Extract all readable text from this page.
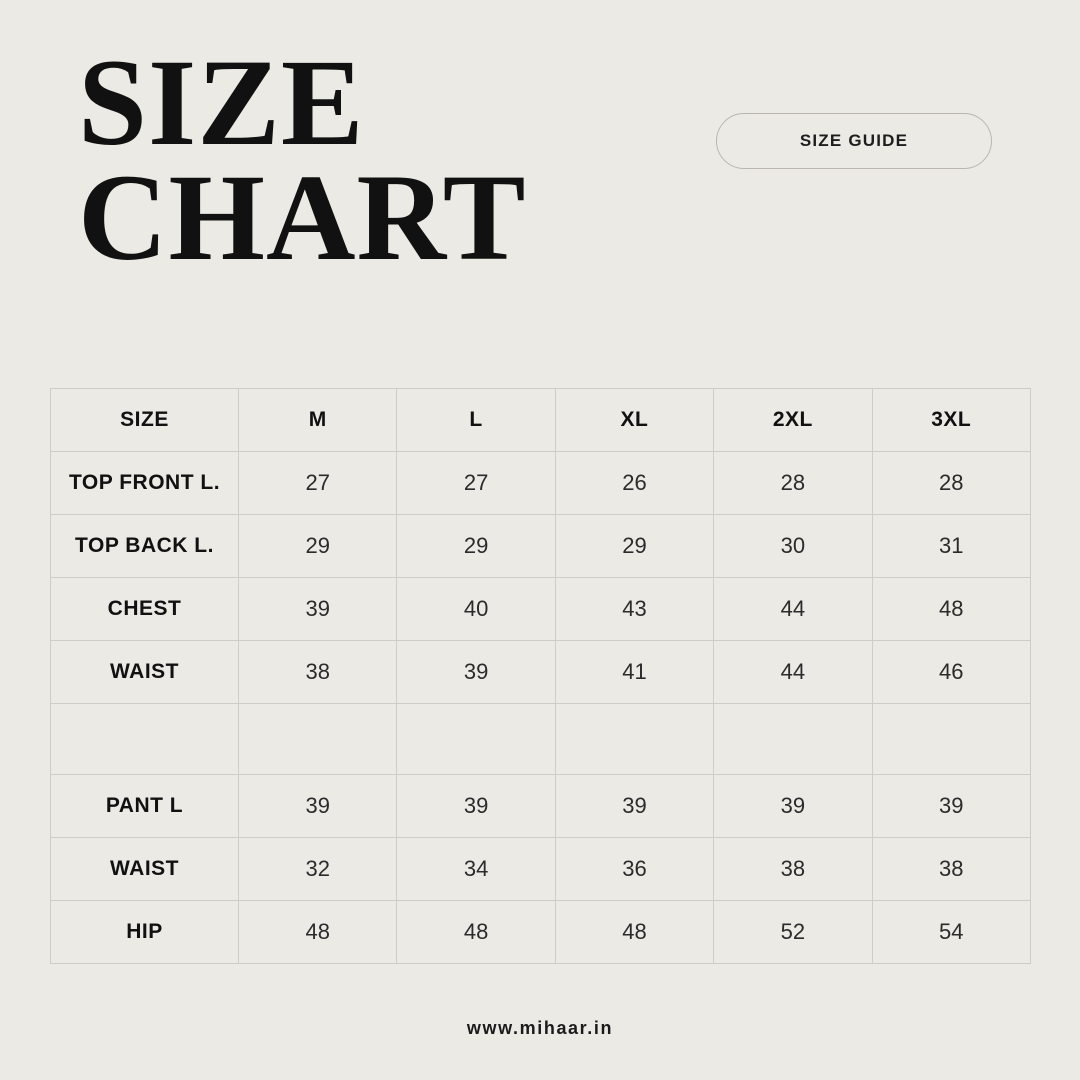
SIZE
CHART
SIZE GUIDE
SIZE	M	L	XL	2XL	3XL
TOP FRONT L.	27	27	26	28	28
TOP BACK L.	29	29	29	30	31
CHEST	39	40	43	44	48
WAIST	38	39	41	44	46

PANT L	39	39	39	39	39
WAIST	32	34	36	38	38
HIP	48	48	48	52	54
www.mihaar.in
